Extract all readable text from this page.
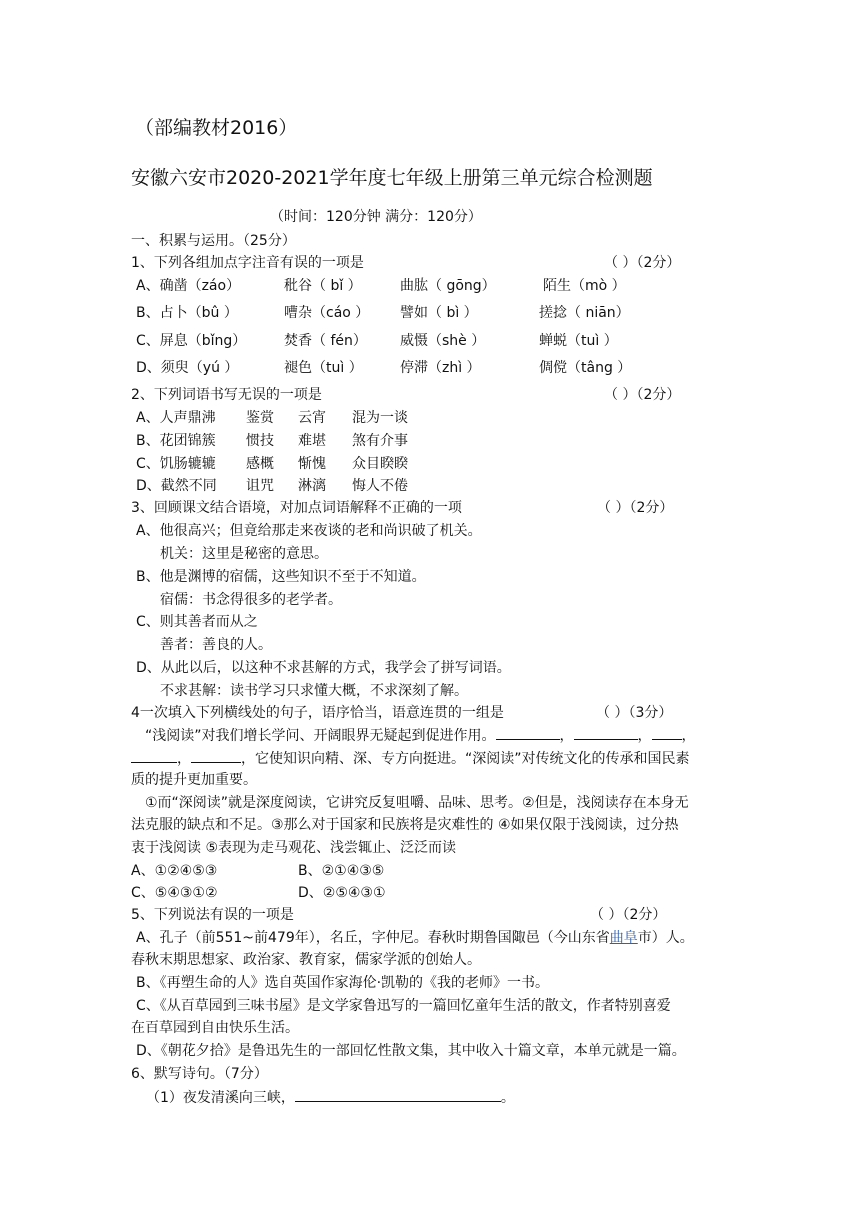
（部编教材2016）
安徽六安市2020-2021学年度七年级上册第三单元综合检测题
（时间：120分钟 满分：120分）
一、积累与运用。（25分）
1、下列各组加点字注音有误的一项是	（ ）（2分）
A、确凿（záo）	秕谷（ bǐ ）	曲肱（ gōng）	陌生（mò ）
B、占卜（bû ）	嘈杂（cáo ） 譬如（ bì ）	搓捻（ niān）
C、屏息（bǐng）	焚香（ fén） 威慑（shè ）	蝉蜕（tuì ）
D、须臾（yú ）	褪色（tuì ）	停滞（zhì ）	倜傥（tâng ）
2、下列词语书写无误的一项是	（ ）（2分）
A、人声鼎沸 鉴赏 云宵 混为一谈
B、花团锦簇 惯技 难堪 煞有介事
C、饥肠辘辘 感概 惭愧 众目睽睽
D、截然不同 诅咒 淋漓 悔人不倦
3、回顾课文结合语境，对加点词语解释不正确的一项	（ ）（2分）
A、他很高兴；但竟给那走来夜谈的老和尚识破了机关。
机关：这里是秘密的意思。
B、他是渊博的宿儒，这些知识不至于不知道。
宿儒：书念得很多的老学者。
C、则其善者而从之
善者：善良的人。
D、从此以后，以这种不求甚解的方式，我学会了拼写词语。
不求甚解：读书学习只求懂大概，不求深刻了解。
4一次填入下列横线处的句子，语序恰当，语意连贯的一组是	（ ）（3分）
“浅阅读”对我们增长学问、开阔眼界无疑起到促进作用。	，	， ，
，	，它使知识向精、深、专方向挺进。“深阅读”对传统文化的传承和国民素
质的提升更加重要。
①而“深阅读”就是深度阅读，它讲究反复咀嚼、品味、思考。②但是，浅阅读存在本身无
法克服的缺点和不足。③那么对于国家和民族将是灾难性的 ④如果仅限于浅阅读，过分热
衷于浅阅读 ⑤表现为走马观花、浅尝辄止、泛泛而读
A、①②④⑤③	B、②①④③⑤
C、⑤④③①②	D、②⑤④③①
5、下列说法有误的一项是	（ ）（2分）
A、孔子（前551~前479年），名丘，字仲尼。春秋时期鲁国陬邑（今山东省曲阜市）人。
春秋末期思想家、政治家、教育家，儒家学派的创始人。
B、《再塑生命的人》选自英国作家海伦·凯勒的《我的老师》一书。
C、《从百草园到三味书屋》是文学家鲁迅写的一篇回忆童年生活的散文，作者特别喜爱
在百草园到自由快乐生活。
D、《朝花夕拾》是鲁迅先生的一部回忆性散文集，其中收入十篇文章，本单元就是一篇。
6、默写诗句。（7分）
（1）夜发清溪向三峡，	。
